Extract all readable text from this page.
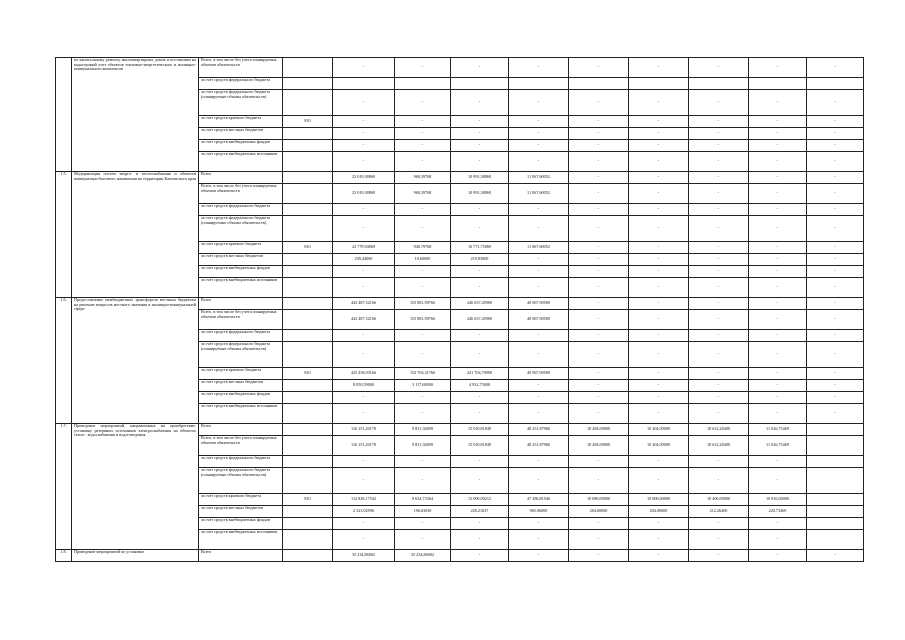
	по капитальному ремонту многоквартирных домов и постановки на кадастровый учет объектов топливно-энергетического и жилищно-коммунального комплексов	Всего, в том числе без учета планируемых объемов обязательств		-	-	-	-	-	-	-	-	-
		за счет средств федерального бюджета										
		за счет средств федерального бюджета (планируемые объемы обязательств)		-	-	-	-	-	-	-	-	-
		за счет средств краевого бюджета	810	-	-	-	-	-	-	-	-	-
		за счет средств местных бюджетов		-	-	-	-	-	-	-	-	-
		за счет средств внебюджетных фондов		-	-	-	-	-	-	-	-	-
		за счет средств внебюджетных источников		-	-	-	-	-	-	-	-	-
1.5.	Модернизация систем энерго- и теплоснабжения и объектов коммунально-бытового назначения на территории Камчатского края	Всего		23 019,38869	960,39768	10 991,38869	11 067,60052	-	-	-	-	-
		Всего, в том числе без учета планируемых объемов обязательств		23 019,38869	960,39768	10 991,38869	11 067,60052	-	-	-	-	-
		за счет средств федерального бюджета		-	-	-	-	-	-	-	-	-
		за счет средств федерального бюджета (планируемые объемы обязательств)		-	-	-	-	-	-	-	-	-
		за счет средств краевого бюджета	810	22 779,94869	940,79768	10 771,75069	11 067,60052	-	-	-	-	-
		за счет средств местных бюджетов		239,44000	19,60000	219,83800	-	-	-	-	-	-
		за счет средств внебюджетных фондов		-	-	-	-	-	-	-	-	-
		за счет средств внебюджетных источников		-	-	-	-	-	-	-	-	-
1.6.	Предоставление межбюджетных трансфертов местным бюджетам на решение вопросов местного значения в жилищно-коммунальной сфере	Всего		443 487,52166	155 881,99766	246 637,45900	40 967,90500	-	-	-	-	-
		Всего, в том числе без учета планируемых объемов обязательств		443 487,52166	155 881,99766	246 637,45900	40 967,90500	-	-	-	-	-
		за счет средств федерального бюджета		-	-	-	-	-	-	-	-	-
		за счет средств федерального бюджета (планируемые объемы обязательств)		-	-	-	-	-	-	-	-	-
		за счет средств краевого бюджета	810	425 436,93166	152 764,31766	241 704,70900	40 967,90500	-	-	-	-	-
		за счет средств местных бюджетов		8 050,59000	3 117,68000	4 932,75000	-	-	-	-	-	-
		за счет средств внебюджетных фондов		-	-	-	-	-	-	-	-	-
		за счет средств внебюджетных источников		-	-	-	-	-	-	-	-	-
1.7.	Проведение мероприятий, направленных на приобретение, установку резервных источников электроснабжения на объектах тепло-, водоснабжения и водоотведения	Всего		116 151,20178	9 831,36058	15 010,81849	48 251,87960	10 284,00000	10 204,00000	10 612,28400	11 026,73469	
		Всего, в том числе без учета планируемых объемов обязательств		116 151,20178	9 831,36058	15 010,81849	48 251,87960	10 284,00000	10 204,00000	10 612,28400	11 026,73469	
		за счет средств федерального бюджета		-	-	-	-	-	-	-	-	
		за счет средств федерального бюджета (планируемые объемы обязательств)		-	-	-	-	-	-	-	-	
		за счет средств краевого бюджета	810	112 828,17542	9 634,73364	15 000,00212	47 286,81946	10 080,00000	10 000,00000	10 400,00000	10 816,00000	
		за счет средств местных бюджетов		2 323,02596	196,63030	220,21637	965,06000	204,00000	204,00000	212,26400	220,73469	
		за счет средств внебюджетных фондов		-	-	-	-	-	-	-	-	
		за счет средств внебюджетных источников		-	-	-	-	-	-	-	-	
1.8.	Проведение мероприятий по установке	Всего		35 234,86002	35 234,86002	-	-	-	-	-	-	-
